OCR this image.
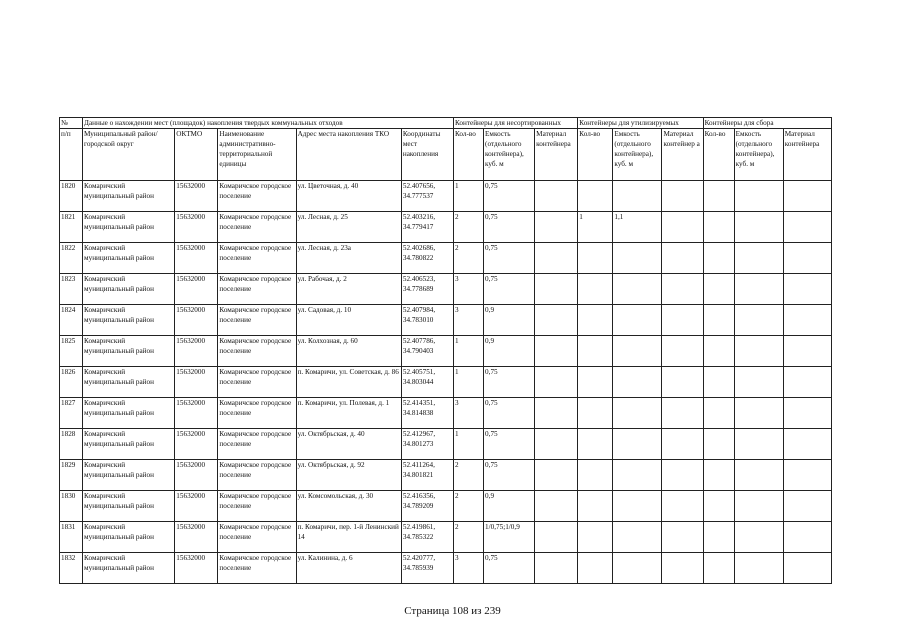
№	Данные о нахождении мест (площадок) накопления твердых коммунальных отходов					Контейнеры для несортированных			Контейнеры для утилизируемых			Контейнеры для сбора		
п/п	Муниципальный район/городской округ	ОКТМО	Наименование административно-территориальной единицы	Адрес места накопления ТКО	Координаты мест накопления	Кол-во	Емкость (отдельного контейнера), куб. м	Материал контейнера	Кол-во	Емкость (отдельного контейнера), куб. м	Материал контейнер а	Кол-во	Емкость (отдельного контейнера), куб. м	Материал контейнера
1820	Комаричский муниципальный район	15632000	Комаричское городское поселение	ул. Цветочная, д. 40	52.407656, 34.777537	1	0,75							
1821	Комаричский муниципальный район	15632000	Комаричское городское поселение	ул. Лесная, д. 25	52.403216, 34.779417	2	0,75		1	1,1				
1822	Комаричский муниципальный район	15632000	Комаричское городское поселение	ул. Лесная, д. 23а	52.402686, 34.780822	2	0,75							
1823	Комаричский муниципальный район	15632000	Комаричское городское поселение	ул. Рабочая, д. 2	52.406523, 34.778689	3	0,75							
1824	Комаричский муниципальный район	15632000	Комаричское городское поселение	ул. Садовая, д. 10	52.407984, 34.783010	3	0,9							
1825	Комаричский муниципальный район	15632000	Комаричское городское поселение	ул. Колхозная, д. 60	52.407786, 34.790403	1	0,9							
1826	Комаричский муниципальный район	15632000	Комаричское городское поселение	п. Комаричи, ул. Советская, д. 86	52.405751, 34.803044	1	0,75							
1827	Комаричский муниципальный район	15632000	Комаричское городское поселение	п. Комаричи, ул. Полевая, д. 1	52.414351, 34.814838	3	0,75							
1828	Комаричский муниципальный район	15632000	Комаричское городское поселение	ул. Октябрьская, д. 40	52.412967, 34.801273	1	0,75							
1829	Комаричский муниципальный район	15632000	Комаричское городское поселение	ул. Октябрьская, д. 92	52.411264, 34.801821	2	0,75							
1830	Комаричский муниципальный район	15632000	Комаричское городское поселение	ул. Комсомольская, д. 30	52.416356, 34.789209	2	0,9							
1831	Комаричский муниципальный район	15632000	Комаричское городское поселение	п. Комаричи, пер. 1-й Ленинский 14	52.419861, 34.785322	2	1/0,75;1/0,9							
1832	Комаричский муниципальный район	15632000	Комаричское городское поселение	ул. Калинина, д. 6	52.420777, 34.785939	3	0,75							
Страница 108 из 239
